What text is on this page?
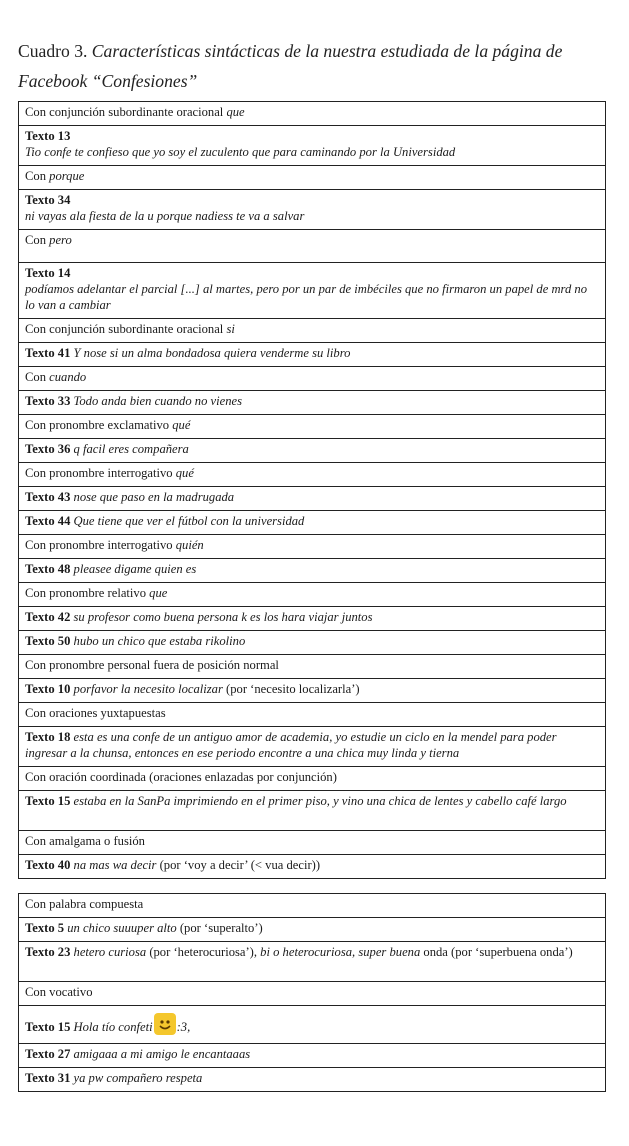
Cuadro 3. Características sintácticas de la nuestra estudiada de la página de
Facebook “Confesiones”
Con conjunción subordinante oracional que
Texto 13
Tio confe te confieso que yo soy el zuculento que para caminando por la Universidad
Con porque
Texto 34
ni vayas ala fiesta de la u porque nadiess te va a salvar
Con pero
Texto 14
podíamos adelantar el parcial [...] al martes, pero por un par de imbéciles que no firmaron un papel de mrd no lo van a cambiar
Con conjunción subordinante oracional si
Texto 41 Y nose si un alma bondadosa quiera venderme su libro
Con cuando
Texto 33 Todo anda bien cuando no vienes
Con pronombre exclamativo qué
Texto 36 q facil eres compañera
Con pronombre interrogativo qué
Texto 43 nose que paso en la madrugada
Texto 44 Que tiene que ver el fútbol con la universidad
Con pronombre interrogativo quién
Texto 48 pleasee digame quien es
Con pronombre relativo que
Texto 42 su profesor como buena persona k es los hara viajar juntos
Texto 50 hubo un chico que estaba rikolino
Con pronombre personal fuera de posición normal
Texto 10 porfavor la necesito localizar (por ‘necesito localizarla’)
Con oraciones yuxtapuestas
Texto 18 esta es una confe de un antiguo amor de academia, yo estudie un ciclo en la mendel para poder ingresar a la chunsa, entonces en ese periodo encontre a una chica muy linda y tierna
Con oración coordinada (oraciones enlazadas por conjunción)
Texto 15 estaba en la SanPa imprimiendo en el primer piso, y vino una chica de lentes y cabello café largo
Con amalgama o fusión
Texto 40 na mas wa decir (por ‘voy a decir’ (< vua decir))
Con palabra compuesta
Texto 5 un chico suuuper alto (por ‘superalto’)
Texto 23 hetero curiosa (por ‘heterocuriosa’), bi o heterocuriosa, super buena onda (por ‘superbuena onda’)
Con vocativo
Texto 15 Hola tío confeti :3,
Texto 27 amigaaa a mi amigo le encantaaas
Texto 31 ya pw compañero respeta
